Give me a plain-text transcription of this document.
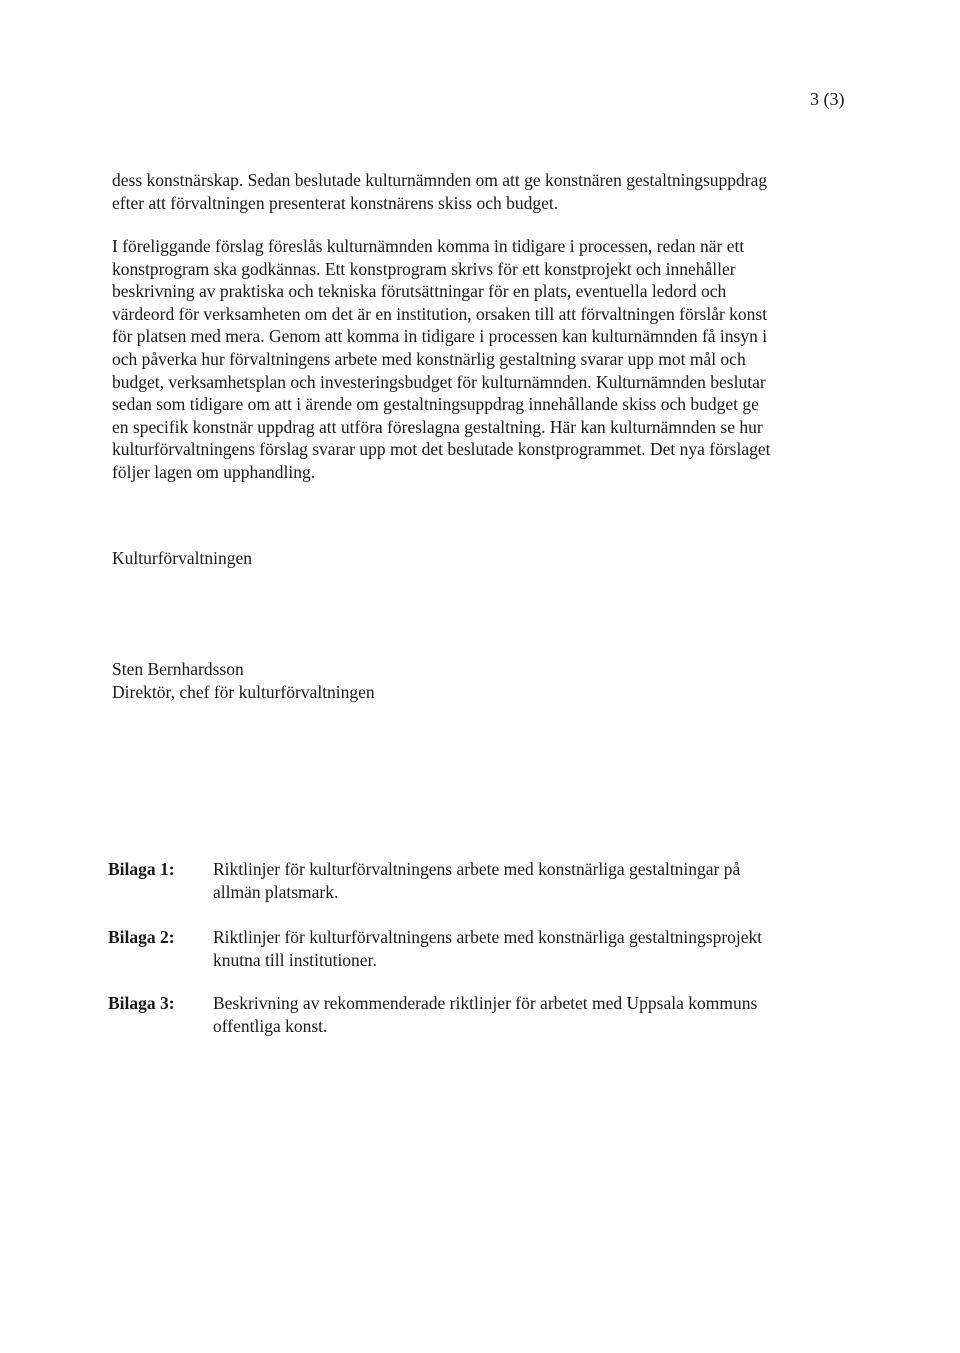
3 (3)
dess konstnärskap. Sedan beslutade kulturnämnden om att ge konstnären gestaltningsuppdrag
efter att förvaltningen presenterat konstnärens skiss och budget.
I föreliggande förslag föreslås kulturnämnden komma in tidigare i processen, redan när ett
konstprogram ska godkännas. Ett konstprogram skrivs för ett konstprojekt och innehåller
beskrivning av praktiska och tekniska förutsättningar för en plats, eventuella ledord och
värdeord för verksamheten om det är en institution, orsaken till att förvaltningen förslår konst
för platsen med mera. Genom att komma in tidigare i processen kan kulturnämnden få insyn i
och påverka hur förvaltningens arbete med konstnärlig gestaltning svarar upp mot mål och
budget, verksamhetsplan och investeringsbudget för kulturnämnden. Kulturnämnden beslutar
sedan som tidigare om att i ärende om gestaltningsuppdrag innehållande skiss och budget ge
en specifik konstnär uppdrag att utföra föreslagna gestaltning. Här kan kulturnämnden se hur
kulturförvaltningens förslag svarar upp mot det beslutade konstprogrammet. Det nya förslaget
följer lagen om upphandling.
Kulturförvaltningen
Sten Bernhardsson
Direktör, chef för kulturförvaltningen
Bilaga 1: Riktlinjer för kulturförvaltningens arbete med konstnärliga gestaltningar på
allmän platsmark.
Bilaga 2: Riktlinjer för kulturförvaltningens arbete med konstnärliga gestaltningsprojekt
knutna till institutioner.
Bilaga 3: Beskrivning av rekommenderade riktlinjer för arbetet med Uppsala kommuns
offentliga konst.
